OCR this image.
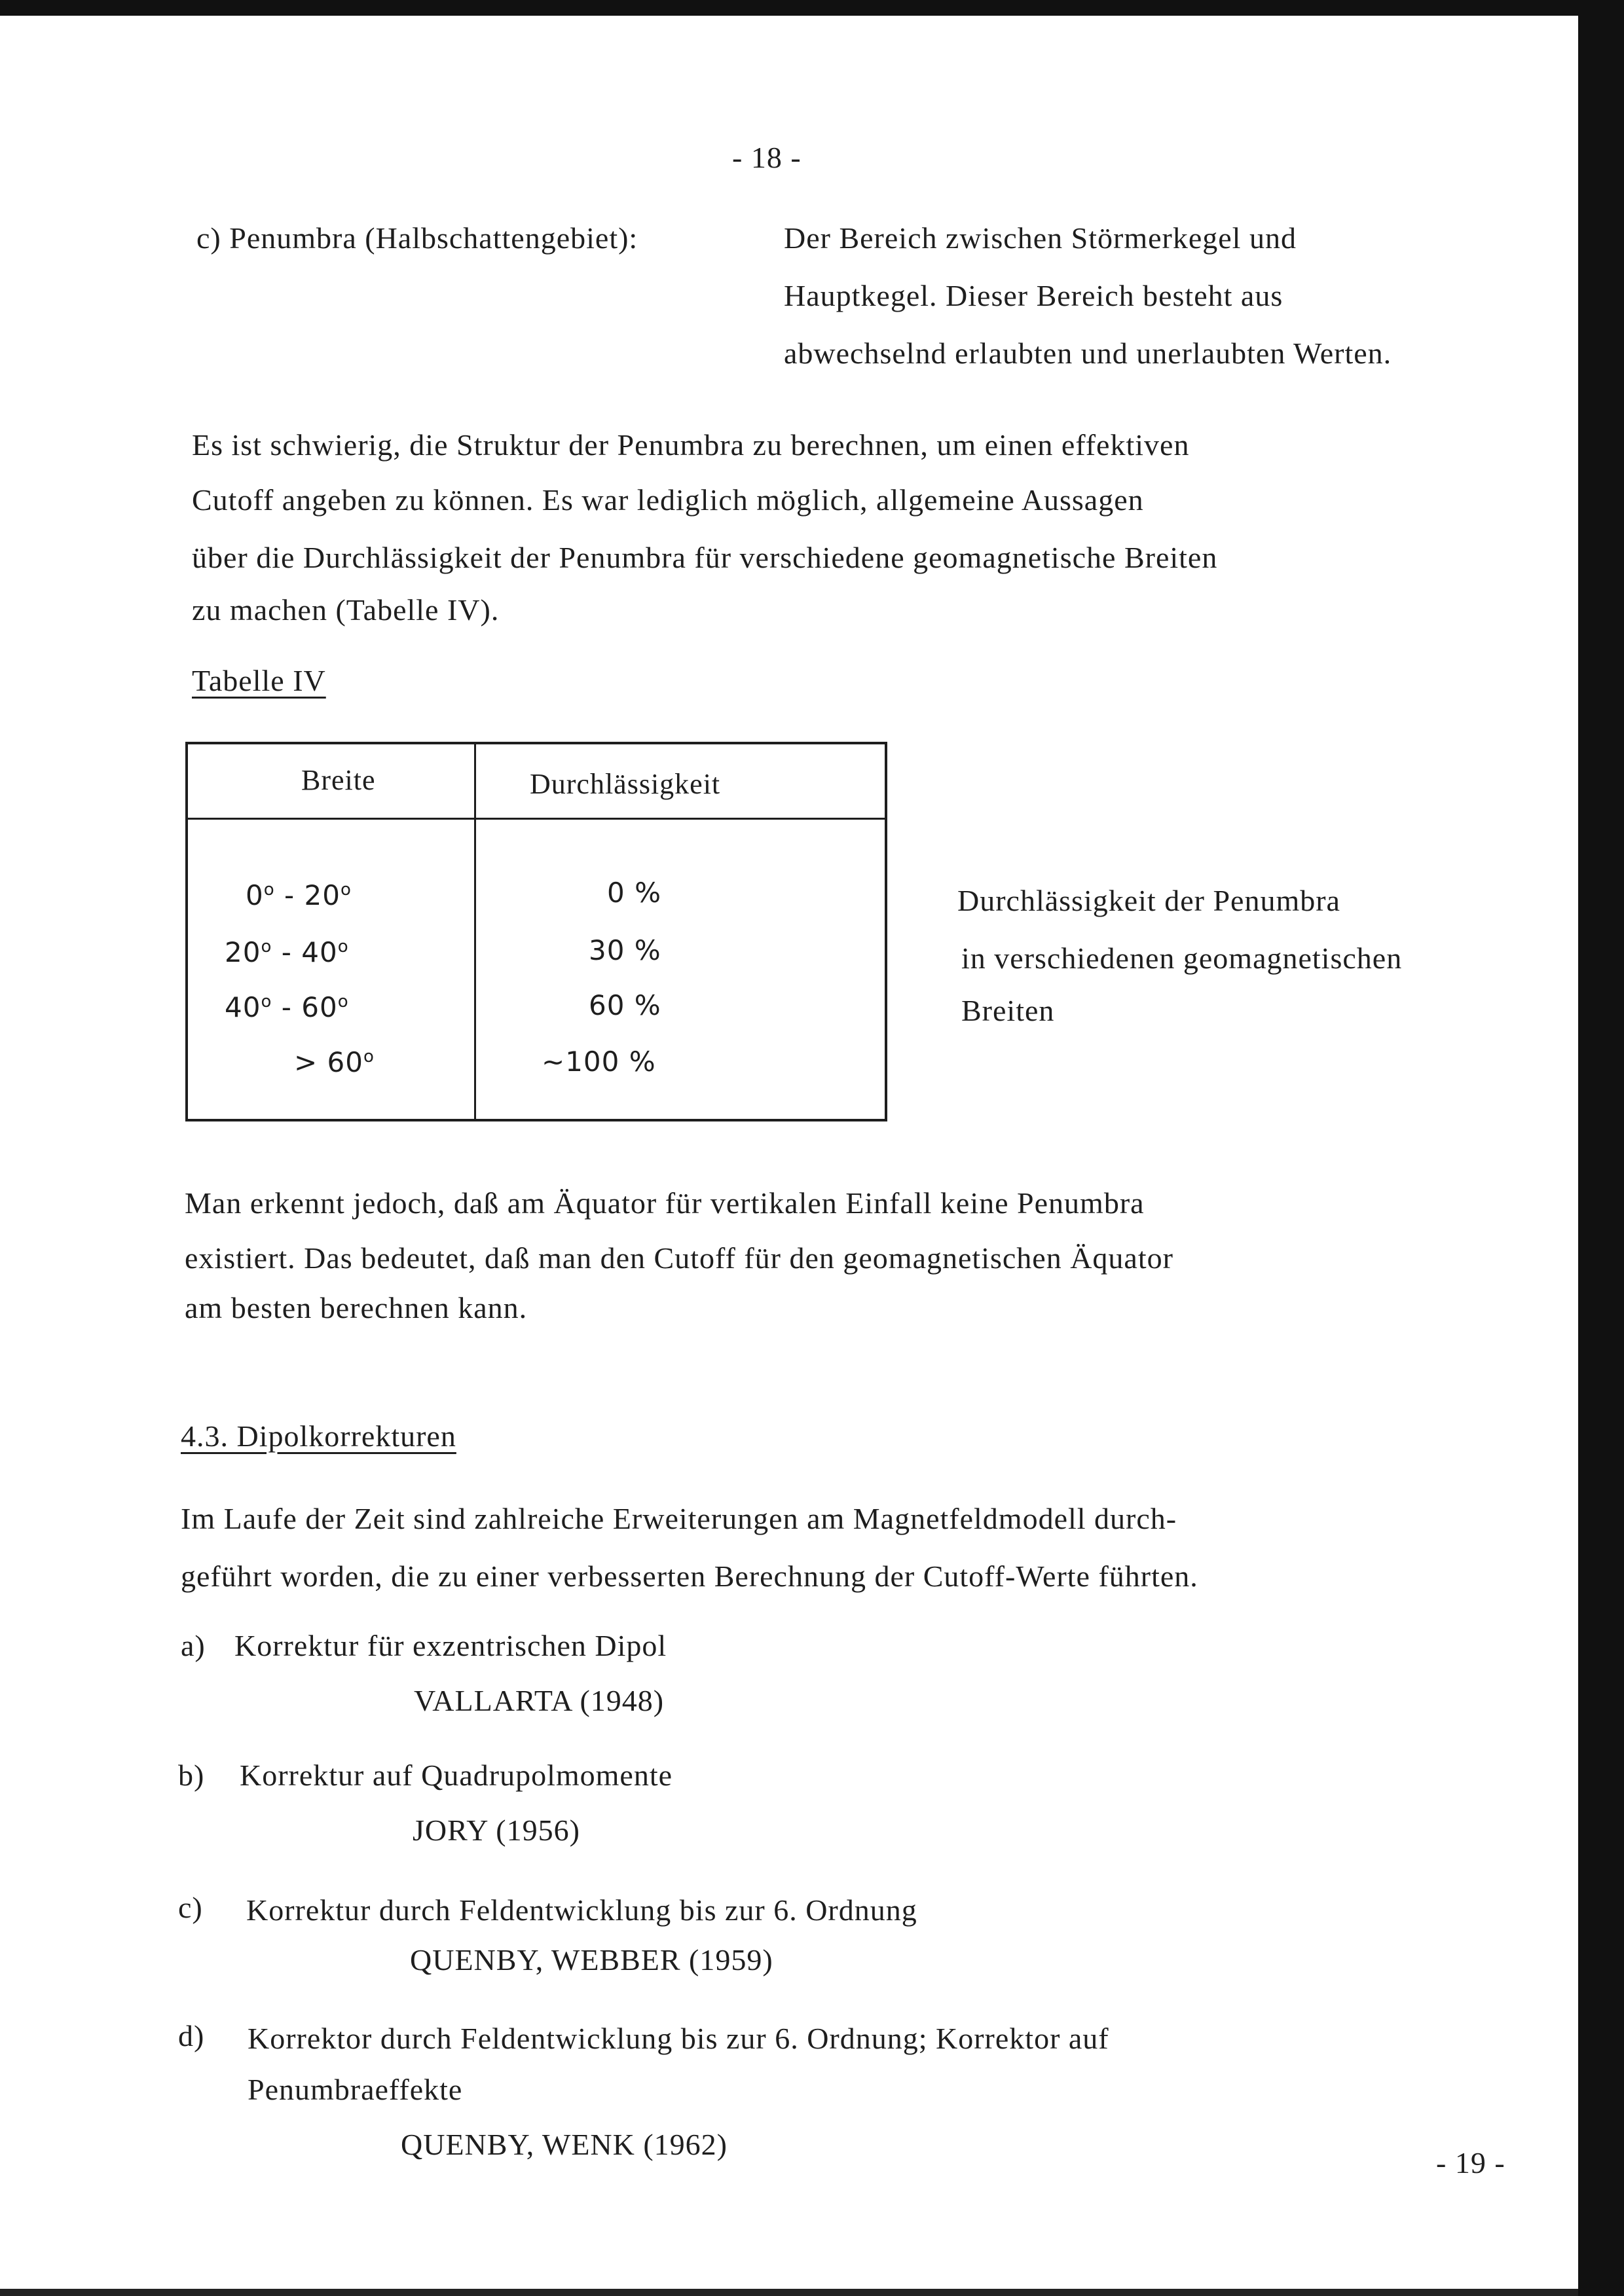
- 18 -
c) Penumbra (Halbschattengebiet):	Der Bereich zwischen Störmerkegel und
Hauptkegel. Dieser Bereich besteht aus
abwechselnd erlaubten und unerlaubten Werten.
Es ist schwierig, die Struktur der Penumbra zu berechnen, um einen effektiven
Cutoff angeben zu können. Es war lediglich möglich, allgemeine Aussagen
über die Durchlässigkeit der Penumbra für verschiedene geomagnetische Breiten
zu machen (Tabelle IV).
Tabelle IV
Breite	Durchlässigkeit
0$^o$ - 20$^o$
20$^o$ - 40$^o$
$40^o - 60^o$
> $60^o$
0 %
30 %
60 %
~100 %
Durchlässigkeit der Penumbra
in verschiedenen geomagnetischen
Breiten
Man erkennt jedoch, daß am Äquator für vertikalen Einfall keine Penumbra
existiert. Das bedeutet, daß man den Cutoff für den geomagnetischen Äquator
am besten berechnen kann.
4.3. Dipolkorrekturen
Im Laufe der Zeit sind zahlreiche Erweiterungen am Magnetfeldmodell durch-
geführt worden, die zu einer verbesserten Berechnung der Cutoff-Werte führten.
a) Korrektur für exzentrischen Dipol
VALLARTA (1948)
b) Korrektur auf Quadrupolmomente
JORY (1956)
c) Korrektur durch Feldentwicklung bis zur 6. Ordnung
QUENBY, WEBBER (1959)
d) Korrektor durch Feldentwicklung bis zur 6. Ordnung; Korrektor auf
Penumbraeffekte
QUENBY, WENK (1962)
- 19 -
